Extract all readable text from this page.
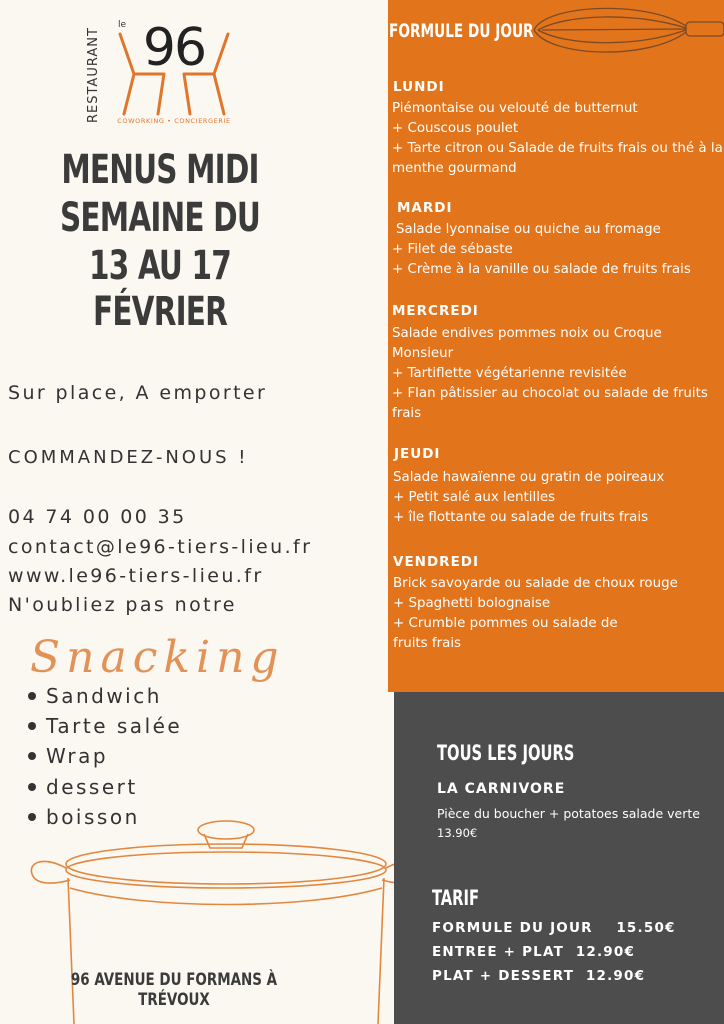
RESTAURANT
le 96
COWORKING • CONCIERGERIE
MENUS MIDI
SEMAINE DU
13 AU 17 FÉVRIER
Sur place, A emporter
COMMANDEZ-NOUS !
04 74 00 00 35
contact@le96-tiers-lieu.fr
www.le96-tiers-lieu.fr
N'oubliez pas notre
Snacking
Sandwich
Tarte salée
Wrap
dessert
boisson
96 AVENUE DU FORMANS À TRÉVOUX
FORMULE DU JOUR
LUNDI
Piémontaise ou velouté de butternut
+ Couscous poulet
+ Tarte citron ou Salade de fruits frais ou thé à la
menthe gourmand
MARDI
Salade lyonnaise ou quiche au fromage
+ Filet de sébaste
+ Crème à la vanille ou salade de fruits frais
MERCREDI
Salade endives pommes noix ou Croque
Monsieur
+ Tartiflette végétarienne revisitée
+ Flan pâtissier au chocolat ou salade de fruits
frais
JEUDI
Salade hawaïenne ou gratin de poireaux
+ Petit salé aux lentilles
+ île flottante ou salade de fruits frais
VENDREDI
Brick savoyarde ou salade de choux rouge
+ Spaghetti bolognaise
+ Crumble pommes ou salade de
fruits frais
TOUS LES JOURS
LA CARNIVORE
Pièce du boucher + potatoes salade verte
13.90€
TARIF
FORMULE DU JOUR    15.50€
ENTREE + PLAT  12.90€
PLAT + DESSERT  12.90€
